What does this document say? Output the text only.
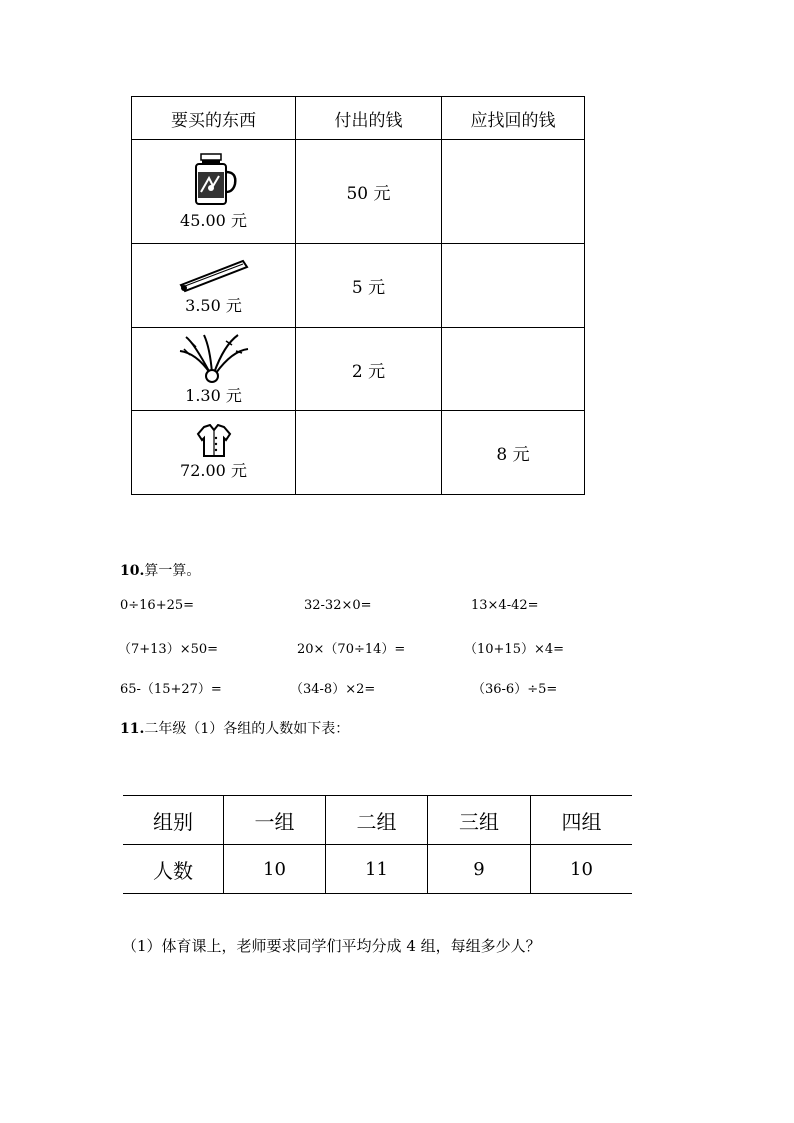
要买的东西	付出的钱	应找回的钱

45.00 元	50 元	

3.50 元	5 元	

1.30 元	2 元	

72.00 元		8 元
10.算一算。
0÷16+25=	32-32×0=	13×4-42=
（7+13）×50=	20×（70÷14）=	（10+15）×4=
65-（15+27）=	（34-8）×2=	（36-6）÷5=
11.二年级（1）各组的人数如下表：
组别	一组	二组	三组	四组
人数	10	11	9	10
（1）体育课上，老师要求同学们平均分成 4 组，每组多少人？
